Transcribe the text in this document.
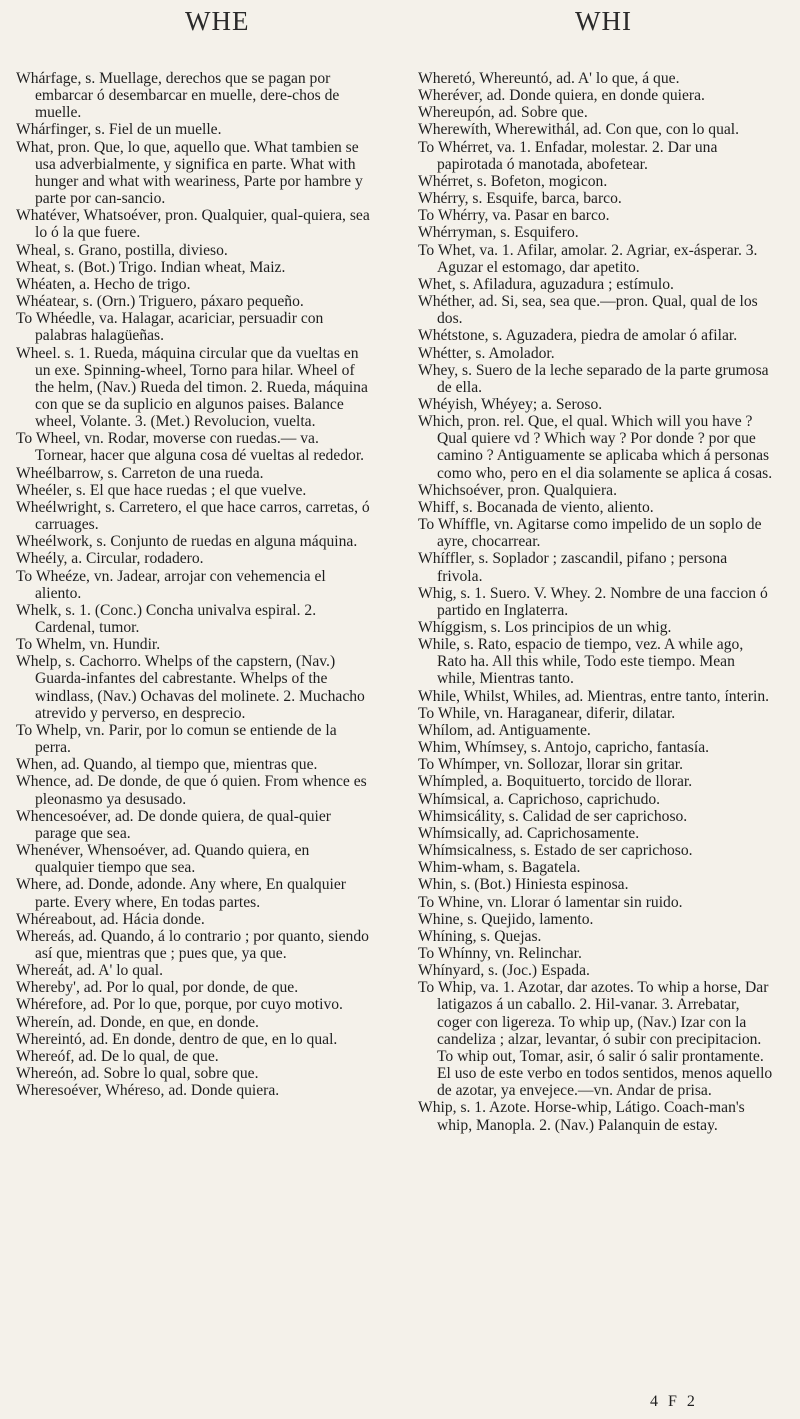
WHE	WHI

Whárfage, s. Muellage, derechos que se pagan por embarcar ó desembarcar en muelle, dere-chos de muelle.

Whárfinger, s. Fiel de un muelle.

What, pron. Que, lo que, aquello que. What tambien se usa adverbialmente, y significa en parte. What with hunger and what with weariness, Parte por hambre y parte por can-sancio.

Whatéver, Whatsoéver, pron. Qualquier, qual-quiera, sea lo ó la que fuere.

Wheal, s. Grano, postilla, divieso.

Wheat, s. (Bot.) Trigo. Indian wheat, Maiz.

Whéaten, a. Hecho de trigo.

Whéatear, s. (Orn.) Triguero, páxaro pequeño.

To Whéedle, va. Halagar, acariciar, persuadir con palabras halagüeñas.

Wheel. s. 1. Rueda, máquina circular que da vueltas en un exe. Spinning-wheel, Torno para hilar. Wheel of the helm, (Nav.) Rueda del timon. 2. Rueda, máquina con que se da suplicio en algunos paises. Balance wheel, Volante. 3. (Met.) Revolucion, vuelta.

To Wheel, vn. Rodar, moverse con ruedas.— va. Tornear, hacer que alguna cosa dé vueltas al rededor.

Wheélbarrow, s. Carreton de una rueda.

Wheéler, s. El que hace ruedas ; el que vuelve.

Wheélwright, s. Carretero, el que hace carros, carretas, ó carruages.

Wheélwork, s. Conjunto de ruedas en alguna máquina.

Wheély, a. Circular, rodadero.

To Wheéze, vn. Jadear, arrojar con vehemencia el aliento.

Whelk, s. 1. (Conc.) Concha univalva espiral. 2. Cardenal, tumor.

To Whelm, vn. Hundir.

Whelp, s. Cachorro. Whelps of the capstern, (Nav.) Guarda-infantes del cabrestante. Whelps of the windlass, (Nav.) Ochavas del molinete. 2. Muchacho atrevido y perverso, en desprecio.

To Whelp, vn. Parir, por lo comun se entiende de la perra.

When, ad. Quando, al tiempo que, mientras que.

Whence, ad. De donde, de que ó quien. From whence es pleonasmo ya desusado.

Whencesoéver, ad. De donde quiera, de qual-quier parage que sea.

Whenéver, Whensoéver, ad. Quando quiera, en qualquier tiempo que sea.

Where, ad. Donde, adonde. Any where, En qualquier parte. Every where, En todas partes.

Whéreabout, ad. Hácia donde.

Whereás, ad. Quando, á lo contrario ; por quanto, siendo así que, mientras que ; pues que, ya que.

Whereát, ad. A' lo qual.

Whereby', ad. Por lo qual, por donde, de que.

Whérefore, ad. Por lo que, porque, por cuyo motivo.

Whereín, ad. Donde, en que, en donde.

Whereintó, ad. En donde, dentro de que, en lo qual.

Whereóf, ad. De lo qual, de que.

Wherеón, ad. Sobre lo qual, sobre que.

Wheresoéver, Whéreso, ad. Donde quiera.

Wheretó, Whereuntó, ad. A' lo que, á que.

Wherévег, ad. Donde quiera, en donde quiera.

Whereupón, ad. Sobre que.

Wherewíth, Wherewithál, ad. Con que, con lo qual.

To Whérret, va. 1. Enfadar, molestar. 2. Dar una papirotada ó manotada, abofetear.

Whérret, s. Bofeton, mogicon.

Whérry, s. Esquife, barca, barco.

To Whérry, va. Pasar en barco.

Whérryman, s. Esquifero.

To Whet, va. 1. Afilar, amolar. 2. Agriar, ex-ásperar. 3. Aguzar el estomago, dar apetito.

Whet, s. Afiladura, aguzadura ; estímulo.

Whéther, ad. Si, sea, sea que.—pron. Qual, qual de los dos.

Whétstone, s. Aguzadera, piedra de amolar ó afilar.

Whétter, s. Amolador.

Whey, s. Suero de la leche separado de la parte grumosa de ella.

Whéyish, Whéyey; a. Seroso.

Which, pron. rel. Que, el qual. Which will you have ? Qual quiere vd ? Which way ? Por donde ? por que camino ? Antiguamente se aplicaba which á personas como who, pero en el dia solamente se aplica á cosas.

Whichsoéver, pron. Qualquiera.

Whiff, s. Bocanada de viento, aliento.

To Whíffle, vn. Agitarse como impelido de un soplo de ayre, chocarrear.

Whíffler, s. Soplador ; zascandil, pifano ; persona frivola.

Whig, s. 1. Suero. V. Whey. 2. Nombre de una faccion ó partido en Inglaterra.

Whíggism, s. Los principios de un whig.

While, s. Rato, espacio de tiempo, vez. A while ago, Rato ha. All this while, Todo este tiempo. Mean while, Mientras tanto.

While, Whilst, Whiles, ad. Mientras, entre tanto, ínterin.

To While, vn. Haraganear, diferir, dilatar.

Whílom, ad. Antiguamente.

Whim, Whímsey, s. Antojo, capricho, fantasía.

To Whímper, vn. Sollozar, llorar sin gritar.

Whímpled, a. Boquituerto, torcido de llorar.

Whímsical, a. Caprichoso, caprichudo.

Whimsicálity, s. Calidad de ser caprichoso.

Whímsically, ad. Caprichosamente.

Whímsicalness, s. Estado de ser caprichoso.

Whim-wham, s. Bagatela.

Whin, s. (Bot.) Hiniesta espinosa.

To Whine, vn. Llorar ó lamentar sin ruido.

Whine, s. Quejido, lamento.

Whíning, s. Quejas.

To Whínny, vn. Relinchar.

Whínyard, s. (Joc.) Espada.

To Whip, va. 1. Azotar, dar azotes. To whip a horse, Dar latigazos á un caballo. 2. Hil-vanar. 3. Arrebatar, coger con ligereza. To whip up, (Nav.) Izar con la candeliza ; alzar, levantar, ó subir con precipitacion. To whip out, Tomar, asir, ó salir ó salir prontamente. El uso de este verbo en todos sentidos, menos aquello de azotar, ya envejece.—vn. Andar de prisa.

Whip, s. 1. Azote. Horse-whip, Látigo. Coach-man's whip, Manopla. 2. (Nav.) Palanquin de estay.

4 F 2
